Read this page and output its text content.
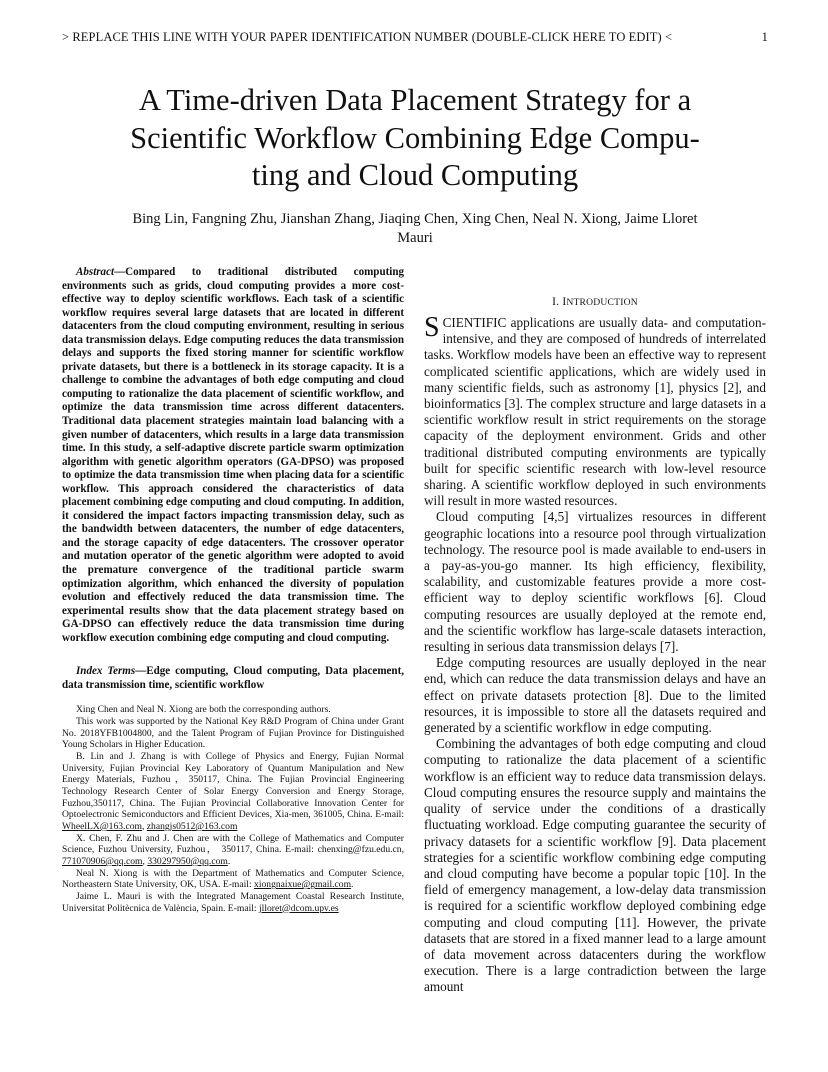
> REPLACE THIS LINE WITH YOUR PAPER IDENTIFICATION NUMBER (DOUBLE-CLICK HERE TO EDIT) <	1
A Time-driven Data Placement Strategy for a
Scientific Workflow Combining Edge Compu-
ting and Cloud Computing
Bing Lin, Fangning Zhu, Jianshan Zhang, Jiaqing Chen, Xing Chen, Neal N. Xiong, Jaime Lloret
Mauri

Abstract—Compared to traditional distributed computing environments such as grids, cloud computing provides a more cost-effective way to deploy scientific workflows. Each task of a scientific workflow requires several large datasets that are located in different datacenters from the cloud computing environment, resulting in serious data transmission delays. Edge computing reduces the data transmission delays and supports the fixed storing manner for scientific workflow private datasets, but there is a bottleneck in its storage capacity. It is a challenge to combine the advantages of both edge computing and cloud computing to rationalize the data placement of scientific workflow, and optimize the data transmission time across different datacenters. Traditional data placement strategies maintain load balancing with a given number of datacenters, which results in a large data transmission time. In this study, a self-adaptive discrete particle swarm optimization algorithm with genetic algorithm operators (GA-DPSO) was proposed to optimize the data transmission time when placing data for a scientific workflow. This approach considered the characteristics of data placement combining edge computing and cloud computing. In addition, it considered the impact factors impacting transmission delay, such as the bandwidth between datacenters, the number of edge datacenters, and the storage capacity of edge datacenters. The crossover operator and mutation operator of the genetic algorithm were adopted to avoid the premature convergence of the traditional particle swarm optimization algorithm, which enhanced the diversity of population evolution and effectively reduced the data transmission time. The experimental results show that the data placement strategy based on GA-DPSO can effectively reduce the data transmission time during workflow execution combining edge computing and cloud computing.

Index Terms—Edge computing, Cloud computing, Data placement, data transmission time, scientific workflow

Xing Chen and Neal N. Xiong are both the corresponding authors.

This work was supported by the National Key R&D Program of China under Grant No. 2018YFB1004800, and the Talent Program of Fujian Province for Distinguished Young Scholars in Higher Education.

B. Lin and J. Zhang is with College of Physics and Energy, Fujian Normal University, Fujian Provincial Key Laboratory of Quantum Manipulation and New Energy Materials, Fuzhou，350117, China. The Fujian Provincial Engineering Technology Research Center of Solar Energy Conversion and Energy Storage, Fuzhou,350117, China. The Fujian Provincial Collaborative Innovation Center for Optoelectronic Semiconductors and Efficient Devices, Xia-men, 361005, China. E-mail: WheelLX@163.com, zhangjs0512@163.com

X. Chen, F. Zhu and J. Chen are with the College of Mathematics and Computer Science, Fuzhou University, Fuzhou， 350117, China. E-mail: chenxing@fzu.edu.cn, 771070906@qq.com, 330297950@qq.com.

Neal N. Xiong is with the Department of Mathematics and Computer Science, Northeastern State University, OK, USA. E-mail: xiongnaixue@gmail.com.

Jaime L. Mauri is with the Integrated Management Coastal Research Institute, Universitat Politècnica de València, Spain. E-mail: jlloret@dcom.upv.es

I. INTRODUCTION

SCIENTIFIC applications are usually data- and computation-intensive, and they are composed of hundreds of interrelated tasks. Workflow models have been an effective way to represent complicated scientific applications, which are widely used in many scientific fields, such as astronomy [1], physics [2], and bioinformatics [3]. The complex structure and large datasets in a scientific workflow result in strict requirements on the storage capacity of the deployment environment. Grids and other traditional distributed computing environments are typically built for specific scientific research with low-level resource sharing. A scientific workflow deployed in such environments will result in more wasted resources.

Cloud computing [4,5] virtualizes resources in different geographic locations into a resource pool through virtualization technology. The resource pool is made available to end-users in a pay-as-you-go manner. Its high efficiency, flexibility, scalability, and customizable features provide a more cost-efficient way to deploy scientific workflows [6]. Cloud computing resources are usually deployed at the remote end, and the scientific workflow has large-scale datasets interaction, resulting in serious data transmission delays [7].

Edge computing resources are usually deployed in the near end, which can reduce the data transmission delays and have an effect on private datasets protection [8]. Due to the limited resources, it is impossible to store all the datasets required and generated by a scientific workflow in edge computing.

Combining the advantages of both edge computing and cloud computing to rationalize the data placement of a scientific workflow is an efficient way to reduce data transmission delays. Cloud computing ensures the resource supply and maintains the quality of service under the conditions of a drastically fluctuating workload. Edge computing guarantee the security of privacy datasets for a scientific workflow [9]. Data placement strategies for a scientific workflow combining edge computing and cloud computing have become a popular topic [10]. In the field of emergency management, a low-delay data transmission is required for a scientific workflow deployed combining edge computing and cloud computing [11]. However, the private datasets that are stored in a fixed manner lead to a large amount of data movement across datacenters during the workflow execution. There is a large contradiction between the large amount
